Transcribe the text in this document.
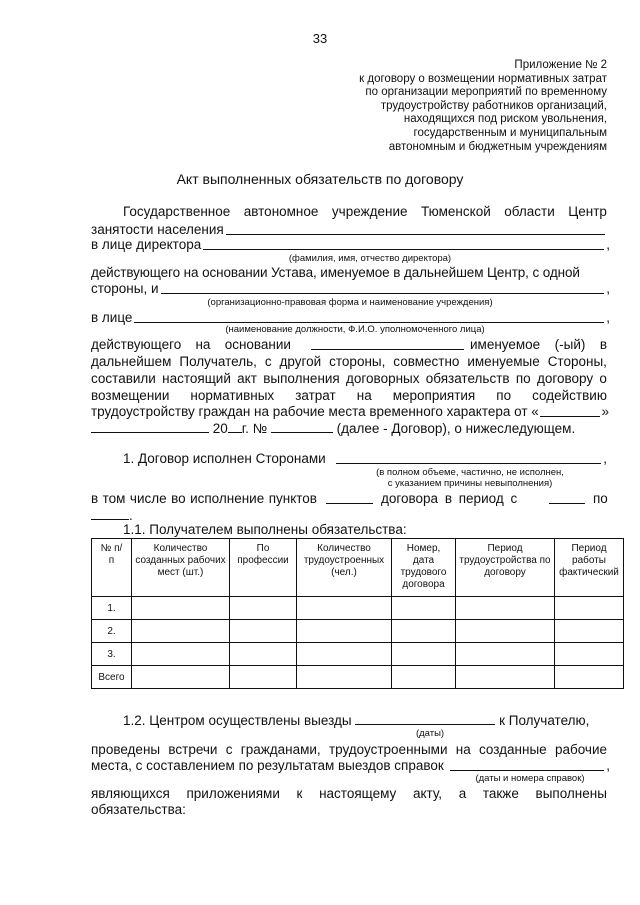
33
Приложение № 2
к договору о возмещении нормативных затрат
по организации мероприятий по временному
трудоустройству работников организаций,
находящихся под риском увольнения,
государственным и муниципальным
автономным и бюджетным учреждениям
Акт выполненных обязательств по договору
Государственное автономное учреждение Тюменской области Центр
занятости населения
в лице директора	,
(фамилия, имя, отчество директора)
действующего на основании Устава, именуемое в дальнейшем Центр, с одной
стороны, и	,
(организационно-правовая форма и наименование учреждения)
в лице	,
(наименование должности, Ф.И.О. уполномоченного лица)
действующего на основании	именуемое (-ый) в
дальнейшем Получатель, с другой стороны, совместно именуемые Стороны,
составили настоящий акт выполнения договорных обязательств по договору о
возмещении нормативных затрат на мероприятия по содействию
трудоустройству граждан на рабочие места временного характера от «	»
20 г. №	(далее - Договор), о нижеследующем.
1. Договор исполнен Сторонами	,
(в полном объеме, частично, не исполнен,
с указанием причины невыполнения)
в том числе во исполнение пунктов	договора в период с	по
.
1.1. Получателем выполнены обязательства:
№ п/п	Количество созданных рабочих мест (шт.)	По профессии	Количество трудоустроенных (чел.)	Номер, дата трудового договора	Период трудоустройства по договору	Период работы фактический
1.						
2.						
3.						
Всего						
1.2. Центром осуществлены выезды	к Получателю,
(даты)
проведены встречи с гражданами, трудоустроенными на созданные рабочие
места, с составлением по результатам выездов справок	,
(даты и номера справок)
являющихся приложениями к настоящему акту, а также выполнены
обязательства:
